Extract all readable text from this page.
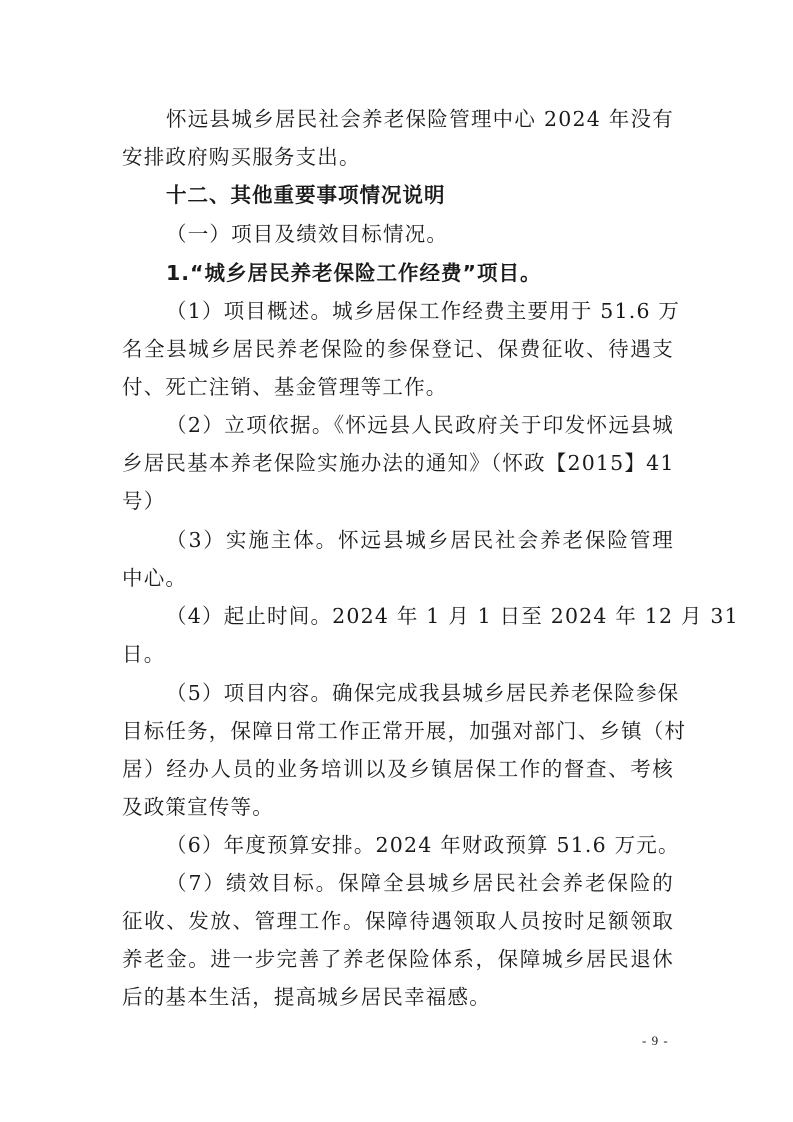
怀远县城乡居民社会养老保险管理中心 2024 年没有
安排政府购买服务支出。
十二、其他重要事项情况说明
（一）项目及绩效目标情况。
1.“城乡居民养老保险工作经费”项目。
（1）项目概述。城乡居保工作经费主要用于 51.6 万
名全县城乡居民养老保险的参保登记、保费征收、待遇支
付、死亡注销、基金管理等工作。
（2）立项依据。《怀远县人民政府关于印发怀远县城
乡居民基本养老保险实施办法的通知》（怀政【2015】41
号）
（3）实施主体。怀远县城乡居民社会养老保险管理
中心。
（4）起止时间。2024 年 1 月 1 日至 2024 年 12 月 31
日。
（5）项目内容。确保完成我县城乡居民养老保险参保
目标任务，保障日常工作正常开展，加强对部门、乡镇（村
居）经办人员的业务培训以及乡镇居保工作的督查、考核
及政策宣传等。
（6）年度预算安排。2024 年财政预算 51.6 万元。
（7）绩效目标。保障全县城乡居民社会养老保险的
征收、发放、管理工作。保障待遇领取人员按时足额领取
养老金。进一步完善了养老保险体系，保障城乡居民退休
后的基本生活，提高城乡居民幸福感。
- 9 -
